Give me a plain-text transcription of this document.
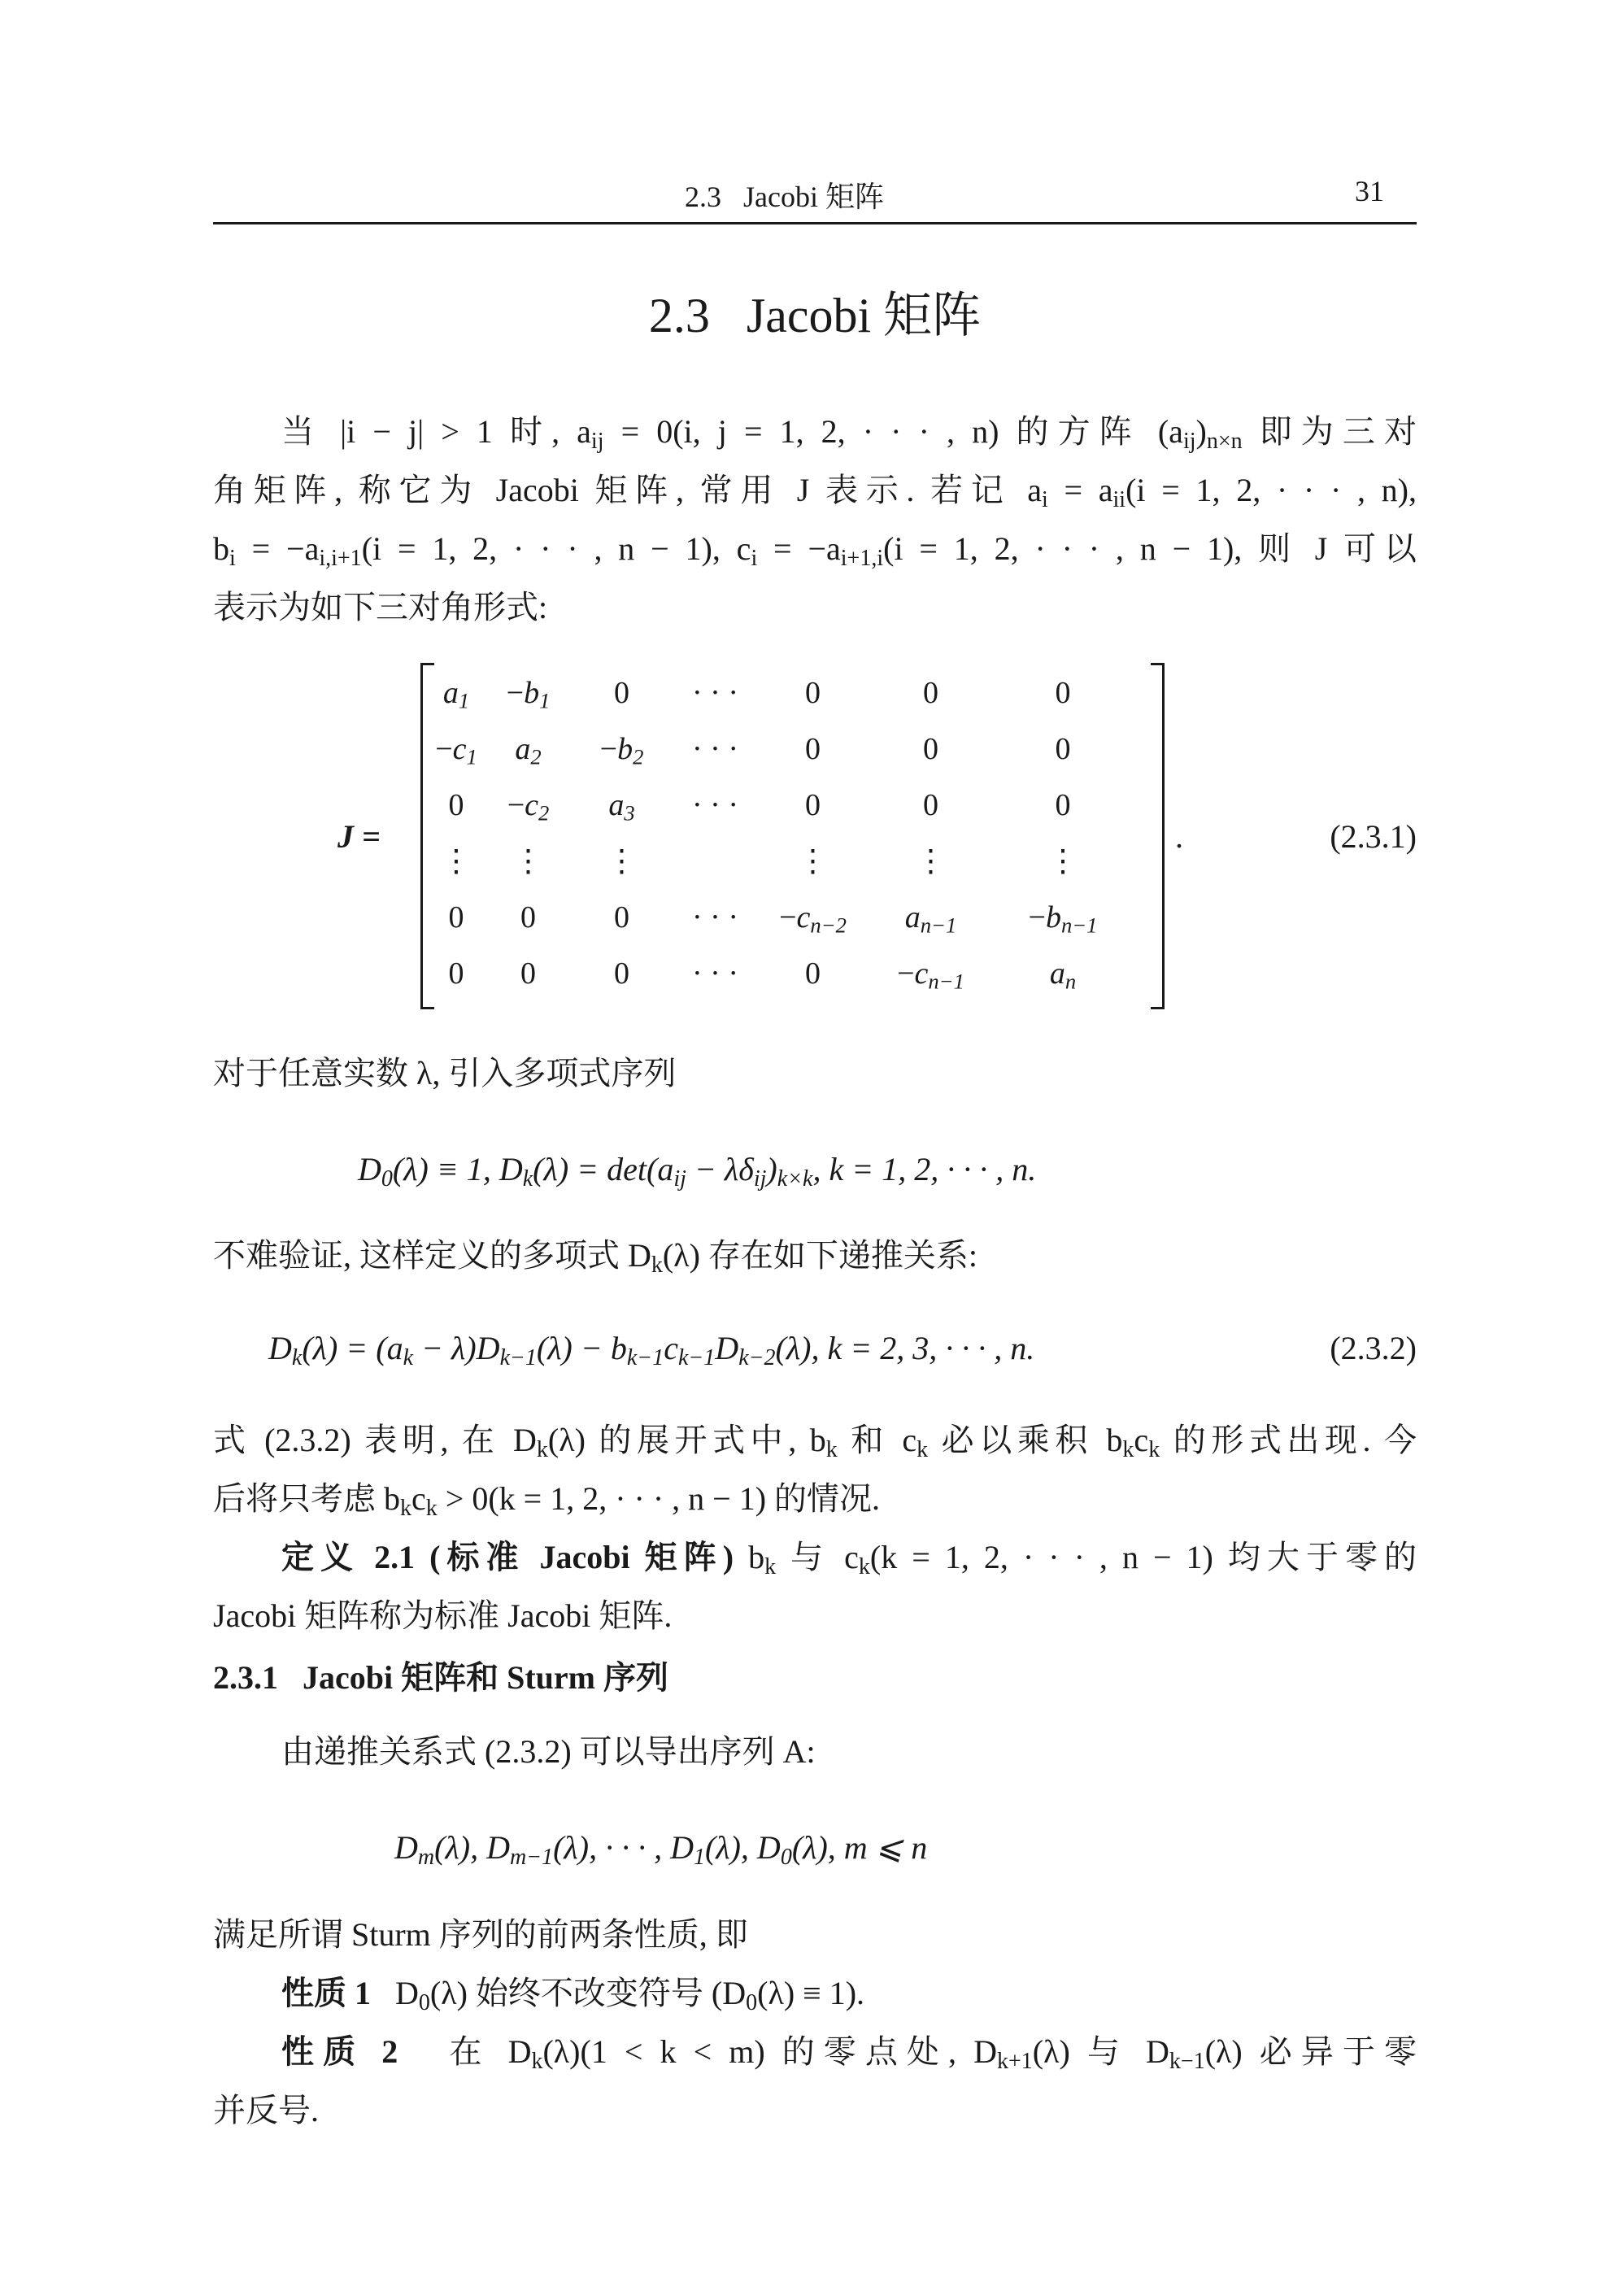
2.3   Jacobi 矩阵	31
2.3   Jacobi 矩阵
当 |i − j| > 1 时, $a_{ij} = 0(i$, j = 1, 2, · · · , n) 的方阵 $(a_{ij})_{n\times n}$ 即为三对
角矩阵, 称它为 Jacobi 矩阵, 常用 J 表示. 若记 $a_i = a_{ii}(i = 1$, 2, · · · , n),
$b_i = -a_{i,i+1}(i = 1$, 2, · · · , n − 1), $c_i = -a_{i+1,i}(i = 1$, 2, · · · , n − 1), 则 J 可以
表示为如下三对角形式:
J =
$a_1$	$-b_1$	0	· · ·	0	0	0
$-c_1$	$a_2$	$-b_2$	· · ·	0	0	0
0	$-c_2$	$a_3$	· · ·	0	0	0
⋮	⋮	⋮		⋮	⋮	⋮
0	0	0	· · ·	$-c_{n-2}$	$a_{n-1}$	$-b_{n-1}$
0	0	0	· · ·	0	$-c_{n-1}$	$a_n$
.	(2.3.1)
对于任意实数 λ, 引入多项式序列
$D_0(\lambda) \equiv 1$, $D_k(\lambda) = \det(a_{ij} - \lambda\delta_{ij})_{k\times k}$, k = 1, 2, · · · , n.
不难验证, 这样定义的多项式 $D_k(\lambda)$ 存在如下递推关系:
$D_k(\lambda) = (a_k - \lambda)D_{k-1}(\lambda) - b_{k-1}c_{k-1}D_{k-2}(\lambda)$, k = 2, 3, · · · , n.	(2.3.2)
式 (2.3.2) 表明, 在 $D_k(\lambda)$ 的展开式中, $b_k$ 和 $c_k$ 必以乘积 $b_kc_k$ 的形式出现. 今
后将只考虑 $b_kc_k > 0(k = 1$, 2, · · · , n − 1) 的情况.
定义 2.1 (标准 Jacobi 矩阵) $b_k$ 与 $c_k(k = 1$, 2, · · · , n − 1) 均大于零的
Jacobi 矩阵称为标准 Jacobi 矩阵.
2.3.1   Jacobi 矩阵和 Sturm 序列
由递推关系式 (2.3.2) 可以导出序列 A:
$D_m(\lambda)$, $D_{m-1}(\lambda)$, · · · , $D_1(\lambda)$, $D_0(\lambda)$, m ⩽ n
满足所谓 Sturm 序列的前两条性质, 即
性质 1 $D_0(\lambda)$ 始终不改变符号 $(D_0(\lambda) \equiv 1)$.
性质 2 在 $D_k(\lambda)(1 < k < m)$ 的零点处, $D_{k+1}(\lambda)$ 与 $D_{k-1}(\lambda)$ 必异于零
并反号.
